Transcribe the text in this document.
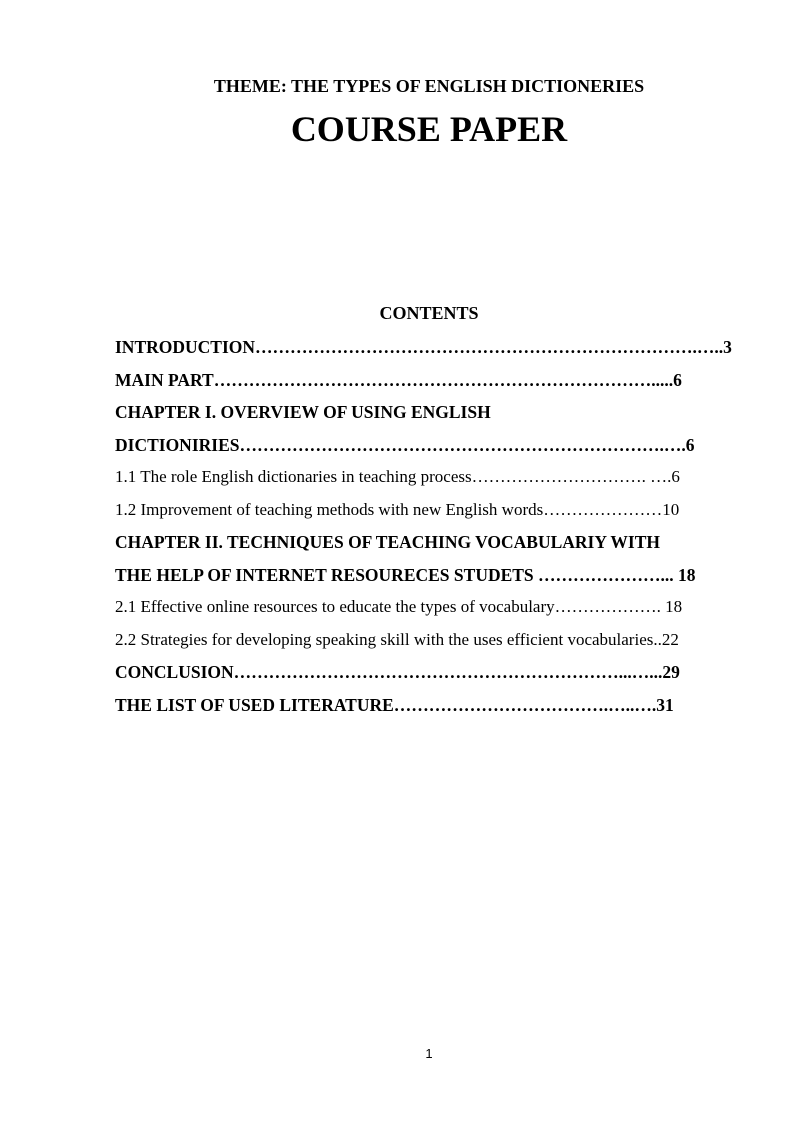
THEME: THE TYPES OF ENGLISH DICTIONERIES
COURSE PAPER
CONTENTS
INTRODUCTION………………………………………………………………….…..3
MAIN PART………………………………………………………………….....6
CHAPTER I. OVERVIEW OF USING ENGLISH
DICTIONIRIES……………………………………………………………….….6
1.1 The role English dictionaries in teaching process…………………………. ….6
1.2 Improvement of teaching methods with new English words…………………10
CHAPTER II. TECHNIQUES OF TEACHING VOCABULARIY WITH
THE HELP OF INTERNET RESOURECES STUDETS …………………... 18
2.1 Effective online resources to educate the types of vocabulary………………. 18
2.2 Strategies for developing speaking skill with the uses efficient vocabularies..22
CONCLUSION…………………………………………………………...…...29
THE LIST OF USED LITERATURE……………………………….…..….31
1
